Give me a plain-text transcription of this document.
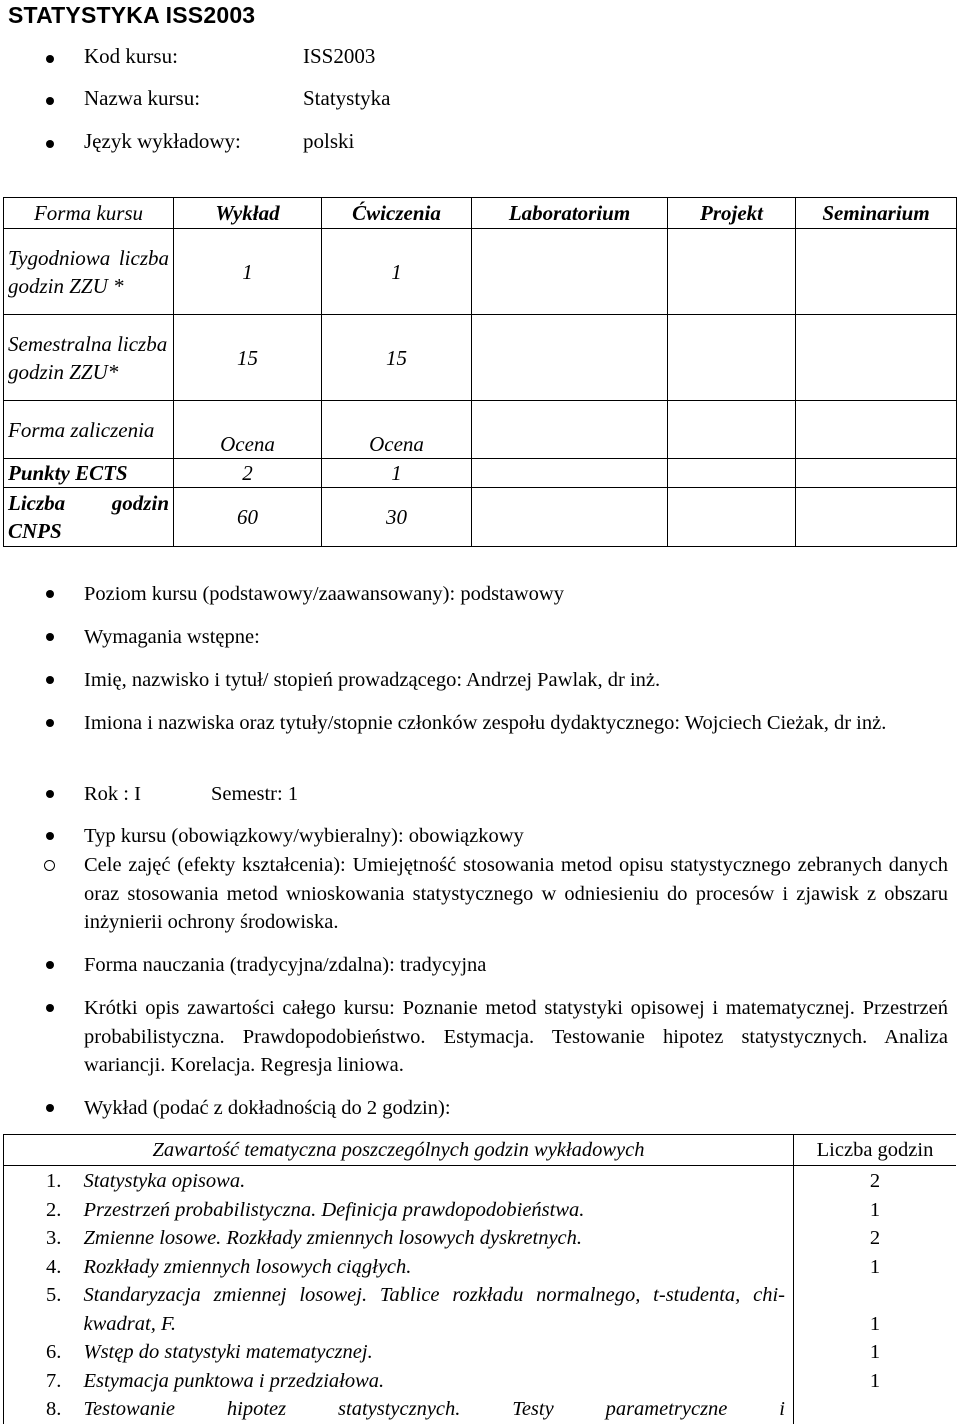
STATYSTYKA ISS2003
Kod kursu:	ISS2003
Nazwa kursu:	Statystyka
Język wykładowy:	polski
Forma kursu	Wykład	Ćwiczenia	Laboratorium	Projekt	Seminarium
Tygodniowa liczba godzin ZZU *	1	1			
Semestralna liczba godzin ZZU*	15	15			
Forma zaliczenia	Ocena	Ocena			
Punkty ECTS	2	1			
Liczba godzin CNPS	60	30			
Poziom kursu (podstawowy/zaawansowany): podstawowy
Wymagania wstępne:
Imię, nazwisko i tytuł/ stopień prowadzącego: Andrzej Pawlak, dr inż.
Imiona i nazwiska oraz tytuły/stopnie członków zespołu dydaktycznego: Wojciech Cieżak, dr inż.
Rok : I	Semestr: 1
Typ kursu (obowiązkowy/wybieralny): obowiązkowy
Cele zajęć (efekty kształcenia): Umiejętność stosowania metod opisu statystycznego zebranych danych oraz stosowania metod wnioskowania statystycznego w odniesieniu do procesów i zjawisk z obszaru inżynierii ochrony środowiska.
Forma nauczania (tradycyjna/zdalna): tradycyjna
Krótki opis zawartości całego kursu: Poznanie metod statystyki opisowej i matematycznej. Przestrzeń probabilistyczna. Prawdopodobieństwo. Estymacja. Testowanie hipotez statystycznych. Analiza wariancji. Korelacja. Regresja liniowa.
Wykład (podać z dokładnością do 2 godzin):
Zawartość tematyczna poszczególnych godzin wykładowych		Liczba godzin
1.	Statystyka opisowa.	2
2.	Przestrzeń probabilistyczna. Definicja prawdopodobieństwa.	1
3.	Zmienne losowe. Rozkłady zmiennych losowych dyskretnych.	2
4.	Rozkłady zmiennych losowych ciągłych.	1
5.	Standaryzacja zmiennej losowej. Tablice rozkładu normalnego, t-studenta, chi-kwadrat, F.	1
6.	Wstęp do statystyki matematycznej.	1
7.	Estymacja punktowa i przedziałowa.	1
8.	Testowanie hipotez statystycznych. Testy parametryczne i	
